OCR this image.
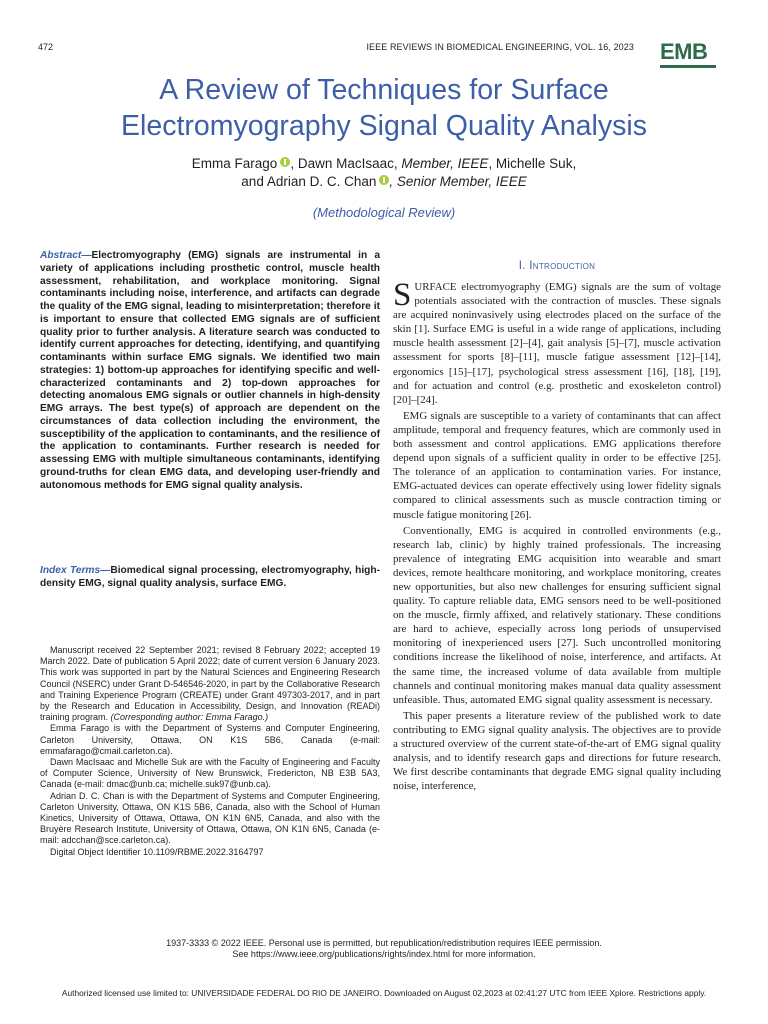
472	IEEE REVIEWS IN BIOMEDICAL ENGINEERING, VOL. 16, 2023 EMB
A Review of Techniques for Surface
Electromyography Signal Quality Analysis
Emma Farago , Dawn MacIsaac, Member, IEEE, Michelle Suk,
and Adrian D. C. Chan , Senior Member, IEEE
(Methodological Review)
Abstract—Electromyography (EMG) signals are instrumental in a variety of applications including prosthetic control, muscle health assessment, rehabilitation, and workplace monitoring. Signal contaminants including noise, interference, and artifacts can degrade the quality of the EMG signal, leading to misinterpretation; therefore it is important to ensure that collected EMG signals are of sufficient quality prior to further analysis. A literature search was conducted to identify current approaches for detecting, identifying, and quantifying contaminants within surface EMG signals. We identified two main strategies: 1) bottom-up approaches for identifying specific and well-characterized contaminants and 2) top-down approaches for detecting anomalous EMG signals or outlier channels in high-density EMG arrays. The best type(s) of approach are dependent on the circumstances of data collection including the environment, the susceptibility of the application to contaminants, and the resilience of the application to contaminants. Further research is needed for assessing EMG with multiple simultaneous contaminants, identifying ground-truths for clean EMG data, and developing user-friendly and autonomous methods for EMG signal quality analysis.
Index Terms—Biomedical signal processing, electromyography, high-density EMG, signal quality analysis, surface EMG.

Manuscript received 22 September 2021; revised 8 February 2022; accepted 19 March 2022. Date of publication 5 April 2022; date of current version 6 January 2023. This work was supported in part by the Natural Sciences and Engineering Research Council (NSERC) under Grant D-546546-2020, in part by the Collaborative Research and Training Experience Program (CREATE) under Grant 497303-2017, and in part by the Research and Education in Accessibility, Design, and Innovation (READi) training program. (Corresponding author: Emma Farago.)

Emma Farago is with the Department of Systems and Computer Engineering, Carleton University, Ottawa, ON K1S 5B6, Canada (e-mail: emmafarago@cmail.carleton.ca).

Dawn MacIsaac and Michelle Suk are with the Faculty of Engineering and Faculty of Computer Science, University of New Brunswick, Fredericton, NB E3B 5A3, Canada (e-mail: dmac@unb.ca; michelle.suk97@unb.ca).

Adrian D. C. Chan is with the Department of Systems and Computer Engineering, Carleton University, Ottawa, ON K1S 5B6, Canada, also with the School of Human Kinetics, University of Ottawa, Ottawa, ON K1N 6N5, Canada, and also with the Bruyère Research Institute, University of Ottawa, Ottawa, ON K1N 6N5, Canada (e-mail: adcchan@sce.carleton.ca).

Digital Object Identifier 10.1109/RBME.2022.3164797

I. Introduction

SURFACE electromyography (EMG) signals are the sum of voltage potentials associated with the contraction of muscles. These signals are acquired noninvasively using electrodes placed on the surface of the skin [1]. Surface EMG is useful in a wide range of applications, including muscle health assessment [2]–[4], gait analysis [5]–[7], muscle activation assessment for sports [8]–[11], muscle fatigue assessment [12]–[14], ergonomics [15]–[17], psychological stress assessment [16], [18], [19], and for actuation and control (e.g. prosthetic and exoskeleton control) [20]–[24].

EMG signals are susceptible to a variety of contaminants that can affect amplitude, temporal and frequency features, which are commonly used in both assessment and control applications. EMG applications therefore depend upon signals of a sufficient quality in order to be effective [25]. The tolerance of an application to contamination varies. For instance, EMG-actuated devices can operate effectively using lower fidelity signals compared to clinical assessments such as muscle contraction timing or muscle fatigue monitoring [26].

Conventionally, EMG is acquired in controlled environments (e.g., research lab, clinic) by highly trained professionals. The increasing prevalence of integrating EMG acquisition into wearable and smart devices, remote healthcare monitoring, and workplace monitoring, creates new opportunities, but also new challenges for ensuring sufficient signal quality. To capture reliable data, EMG sensors need to be well-positioned on the muscle, firmly affixed, and relatively stationary. These conditions are hard to achieve, especially across long periods of unsupervised monitoring of inexperienced users [27]. Such uncontrolled monitoring conditions increase the likelihood of noise, interference, and artifacts. At the same time, the increased volume of data available from multiple channels and continual monitoring makes manual data quality assessment unfeasible. Thus, automated EMG signal quality assessment is necessary.

This paper presents a literature review of the published work to date contributing to EMG signal quality analysis. The objectives are to provide a structured overview of the current state-of-the-art of EMG signal quality analysis, and to identify research gaps and directions for future research. We first describe contaminants that degrade EMG signal quality including noise, interference,

1937-3333 © 2022 IEEE. Personal use is permitted, but republication/redistribution requires IEEE permission.
See https://www.ieee.org/publications/rights/index.html for more information.
Authorized licensed use limited to: UNIVERSIDADE FEDERAL DO RIO DE JANEIRO. Downloaded on August 02,2023 at 02:41:27 UTC from IEEE Xplore. Restrictions apply.
